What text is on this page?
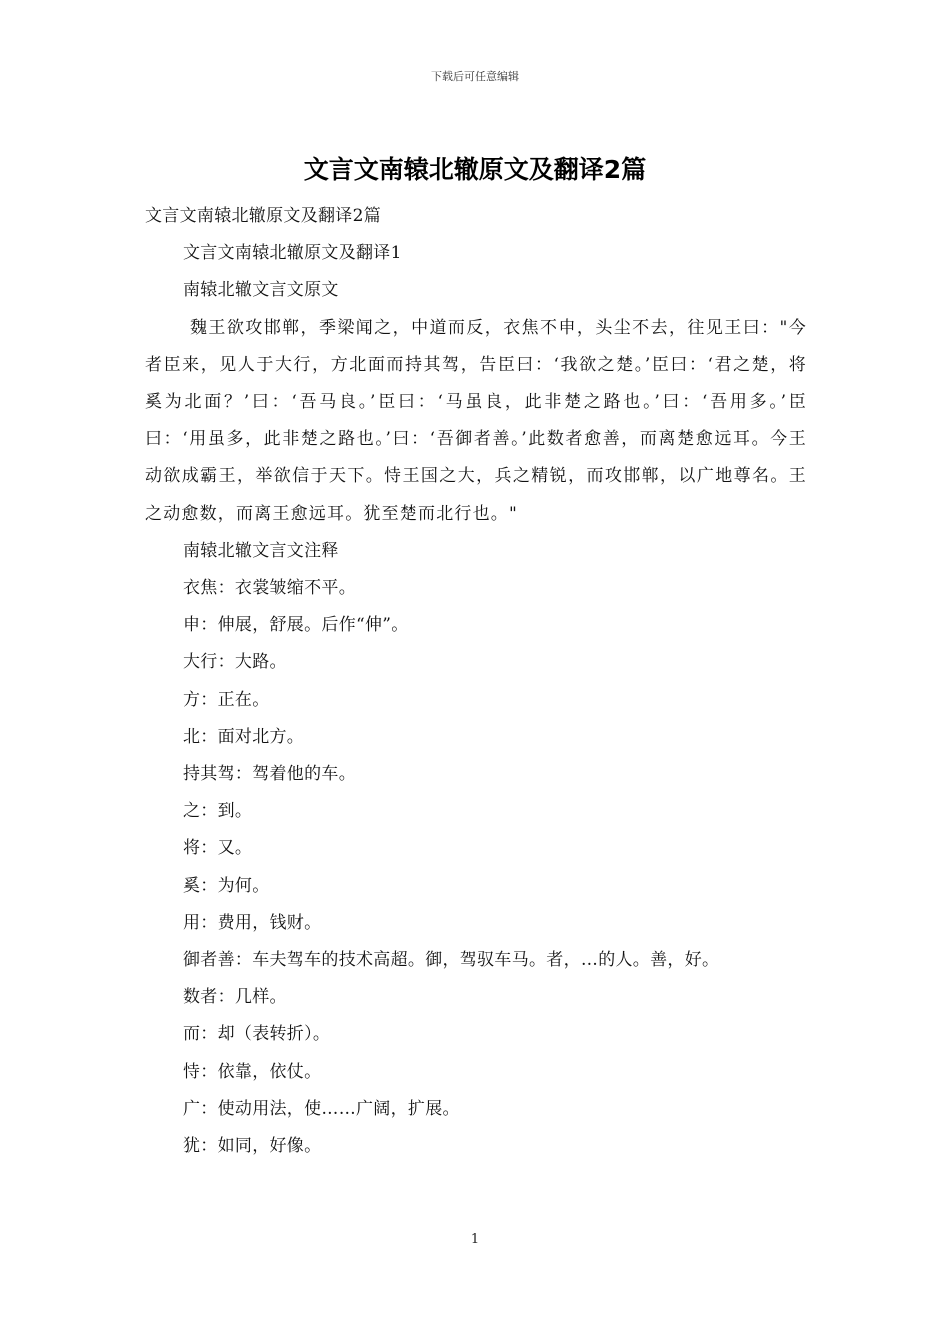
下载后可任意编辑
文言文南辕北辙原文及翻译2篇

文言文南辕北辙原文及翻译2篇

文言文南辕北辙原文及翻译1

南辕北辙文言文原文

魏王欲攻邯郸，季梁闻之，中道而反，衣焦不申，头尘不去，往见王曰："今者臣来，见人于大行，方北面而持其驾，告臣曰：‘我欲之楚。’臣曰：‘君之楚，将奚为北面？’曰：‘吾马良。’臣曰：‘马虽良，此非楚之路也。’曰：‘吾用多。’臣曰：‘用虽多，此非楚之路也。’曰：‘吾御者善。’此数者愈善，而离楚愈远耳。今王动欲成霸王，举欲信于天下。恃王国之大，兵之精锐，而攻邯郸，以广地尊名。王之动愈数，而离王愈远耳。犹至楚而北行也。"

南辕北辙文言文注释

衣焦：衣裳皱缩不平。

申：伸展，舒展。后作“伸”。

大行：大路。

方：正在。

北：面对北方。

持其驾：驾着他的车。

之：到。

将：又。

奚：为何。

用：费用，钱财。

御者善：车夫驾车的技术高超。御，驾驭车马。者，…的人。善，好。

数者：几样。

而：却（表转折）。

恃：依靠，依仗。

广：使动用法，使……广阔，扩展。

犹：如同，好像。

1
